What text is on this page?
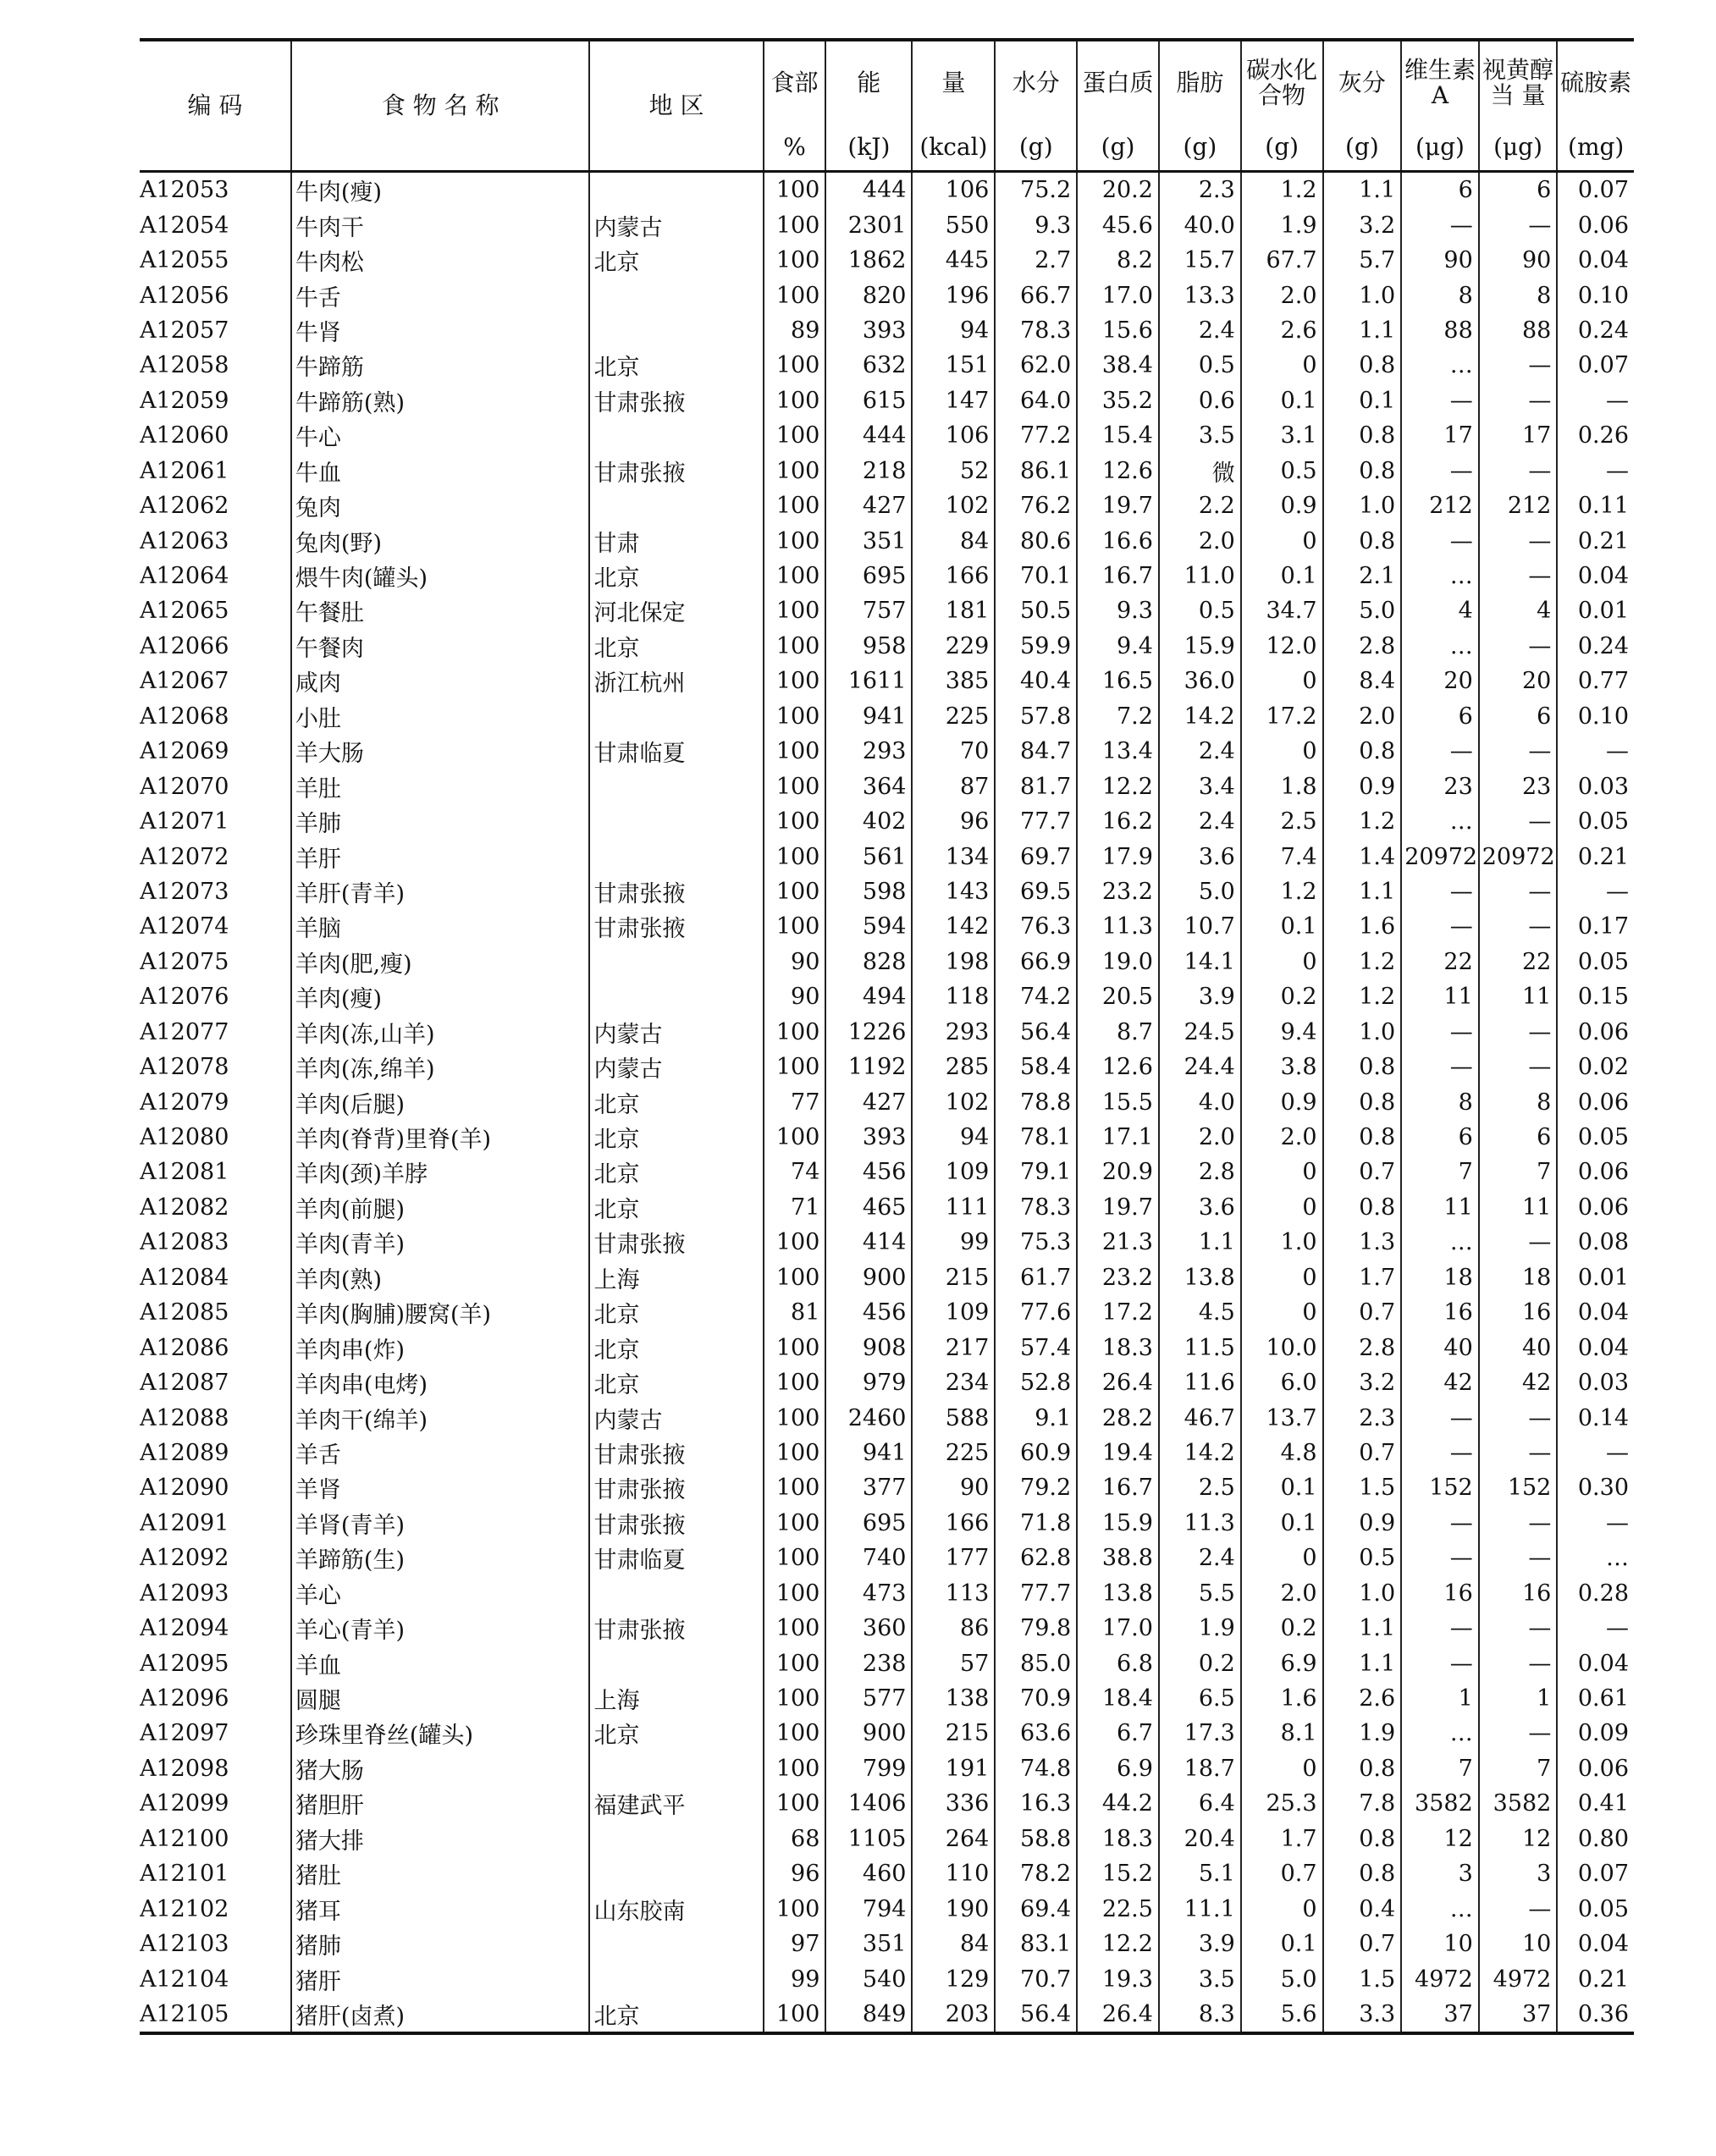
编 码	食 物 名 称	地 区	食部	能	量	水分	蛋白质	脂肪	碳水化合物	灰分	维生素A	视黄醇当 量	硫胺素
			%	(kJ)	(kcal)	(g)	(g)	(g)	(g)	(g)	(μg)	(μg)	(mg)
A12053	牛肉(瘦)		100	444	106	75.2	20.2	2.3	1.2	1.1	6	6	0.07
A12054	牛肉干	内蒙古	100	2301	550	9.3	45.6	40.0	1.9	3.2	—	—	0.06
A12055	牛肉松	北京	100	1862	445	2.7	8.2	15.7	67.7	5.7	90	90	0.04
A12056	牛舌		100	820	196	66.7	17.0	13.3	2.0	1.0	8	8	0.10
A12057	牛肾		89	393	94	78.3	15.6	2.4	2.6	1.1	88	88	0.24
A12058	牛蹄筋	北京	100	632	151	62.0	38.4	0.5	0	0.8	…	—	0.07
A12059	牛蹄筋(熟)	甘肃张掖	100	615	147	64.0	35.2	0.6	0.1	0.1	—	—	—
A12060	牛心		100	444	106	77.2	15.4	3.5	3.1	0.8	17	17	0.26
A12061	牛血	甘肃张掖	100	218	52	86.1	12.6	微	0.5	0.8	—	—	—
A12062	兔肉		100	427	102	76.2	19.7	2.2	0.9	1.0	212	212	0.11
A12063	兔肉(野)	甘肃	100	351	84	80.6	16.6	2.0	0	0.8	—	—	0.21
A12064	煨牛肉(罐头)	北京	100	695	166	70.1	16.7	11.0	0.1	2.1	…	—	0.04
A12065	午餐肚	河北保定	100	757	181	50.5	9.3	0.5	34.7	5.0	4	4	0.01
A12066	午餐肉	北京	100	958	229	59.9	9.4	15.9	12.0	2.8	…	—	0.24
A12067	咸肉	浙江杭州	100	1611	385	40.4	16.5	36.0	0	8.4	20	20	0.77
A12068	小肚		100	941	225	57.8	7.2	14.2	17.2	2.0	6	6	0.10
A12069	羊大肠	甘肃临夏	100	293	70	84.7	13.4	2.4	0	0.8	—	—	—
A12070	羊肚		100	364	87	81.7	12.2	3.4	1.8	0.9	23	23	0.03
A12071	羊肺		100	402	96	77.7	16.2	2.4	2.5	1.2	…	—	0.05
A12072	羊肝		100	561	134	69.7	17.9	3.6	7.4	1.4	20972	20972	0.21
A12073	羊肝(青羊)	甘肃张掖	100	598	143	69.5	23.2	5.0	1.2	1.1	—	—	—
A12074	羊脑	甘肃张掖	100	594	142	76.3	11.3	10.7	0.1	1.6	—	—	0.17
A12075	羊肉(肥,瘦)		90	828	198	66.9	19.0	14.1	0	1.2	22	22	0.05
A12076	羊肉(瘦)		90	494	118	74.2	20.5	3.9	0.2	1.2	11	11	0.15
A12077	羊肉(冻,山羊)	内蒙古	100	1226	293	56.4	8.7	24.5	9.4	1.0	—	—	0.06
A12078	羊肉(冻,绵羊)	内蒙古	100	1192	285	58.4	12.6	24.4	3.8	0.8	—	—	0.02
A12079	羊肉(后腿)	北京	77	427	102	78.8	15.5	4.0	0.9	0.8	8	8	0.06
A12080	羊肉(脊背)里脊(羊)	北京	100	393	94	78.1	17.1	2.0	2.0	0.8	6	6	0.05
A12081	羊肉(颈)羊脖	北京	74	456	109	79.1	20.9	2.8	0	0.7	7	7	0.06
A12082	羊肉(前腿)	北京	71	465	111	78.3	19.7	3.6	0	0.8	11	11	0.06
A12083	羊肉(青羊)	甘肃张掖	100	414	99	75.3	21.3	1.1	1.0	1.3	…	—	0.08
A12084	羊肉(熟)	上海	100	900	215	61.7	23.2	13.8	0	1.7	18	18	0.01
A12085	羊肉(胸脯)腰窝(羊)	北京	81	456	109	77.6	17.2	4.5	0	0.7	16	16	0.04
A12086	羊肉串(炸)	北京	100	908	217	57.4	18.3	11.5	10.0	2.8	40	40	0.04
A12087	羊肉串(电烤)	北京	100	979	234	52.8	26.4	11.6	6.0	3.2	42	42	0.03
A12088	羊肉干(绵羊)	内蒙古	100	2460	588	9.1	28.2	46.7	13.7	2.3	—	—	0.14
A12089	羊舌	甘肃张掖	100	941	225	60.9	19.4	14.2	4.8	0.7	—	—	—
A12090	羊肾	甘肃张掖	100	377	90	79.2	16.7	2.5	0.1	1.5	152	152	0.30
A12091	羊肾(青羊)	甘肃张掖	100	695	166	71.8	15.9	11.3	0.1	0.9	—	—	—
A12092	羊蹄筋(生)	甘肃临夏	100	740	177	62.8	38.8	2.4	0	0.5	—	—	…
A12093	羊心		100	473	113	77.7	13.8	5.5	2.0	1.0	16	16	0.28
A12094	羊心(青羊)	甘肃张掖	100	360	86	79.8	17.0	1.9	0.2	1.1	—	—	—
A12095	羊血		100	238	57	85.0	6.8	0.2	6.9	1.1	—	—	0.04
A12096	圆腿	上海	100	577	138	70.9	18.4	6.5	1.6	2.6	1	1	0.61
A12097	珍珠里脊丝(罐头)	北京	100	900	215	63.6	6.7	17.3	8.1	1.9	…	—	0.09
A12098	猪大肠		100	799	191	74.8	6.9	18.7	0	0.8	7	7	0.06
A12099	猪胆肝	福建武平	100	1406	336	16.3	44.2	6.4	25.3	7.8	3582	3582	0.41
A12100	猪大排		68	1105	264	58.8	18.3	20.4	1.7	0.8	12	12	0.80
A12101	猪肚		96	460	110	78.2	15.2	5.1	0.7	0.8	3	3	0.07
A12102	猪耳	山东胶南	100	794	190	69.4	22.5	11.1	0	0.4	…	—	0.05
A12103	猪肺		97	351	84	83.1	12.2	3.9	0.1	0.7	10	10	0.04
A12104	猪肝		99	540	129	70.7	19.3	3.5	5.0	1.5	4972	4972	0.21
A12105	猪肝(卤煮)	北京	100	849	203	56.4	26.4	8.3	5.6	3.3	37	37	0.36
